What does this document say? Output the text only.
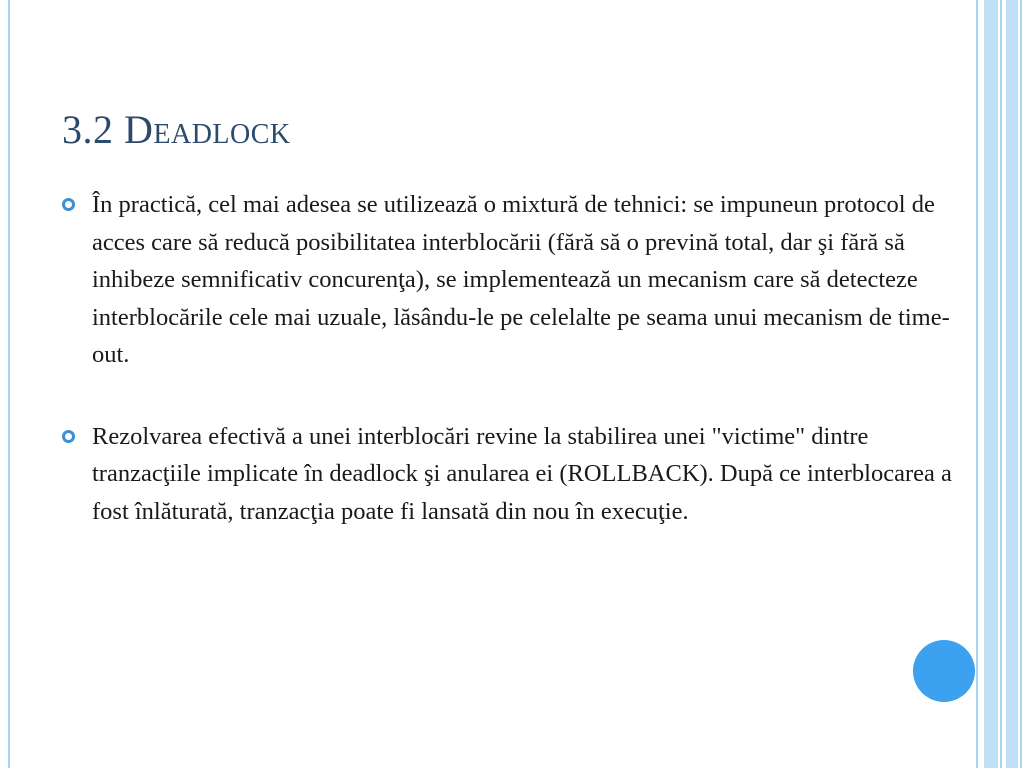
3.2 Deadlock
În practică, cel mai adesea se utilizează o mixtură de tehnici: se impuneun protocol de acces care să reducă posibilitatea interblocării (fără să o prevină total, dar şi fără să inhibeze semnificativ concurenţa), se implementează un mecanism care să detecteze interblocările cele mai uzuale, lăsându-le pe celelalte pe seama unui mecanism de time-out.
Rezolvarea efectivă a unei interblocări revine la stabilirea unei "victime" dintre tranzacţiile implicate în deadlock şi anularea ei (ROLLBACK). După ce interblocarea a fost înlăturată, tranzacţia poate fi lansată din nou în execuţie.
